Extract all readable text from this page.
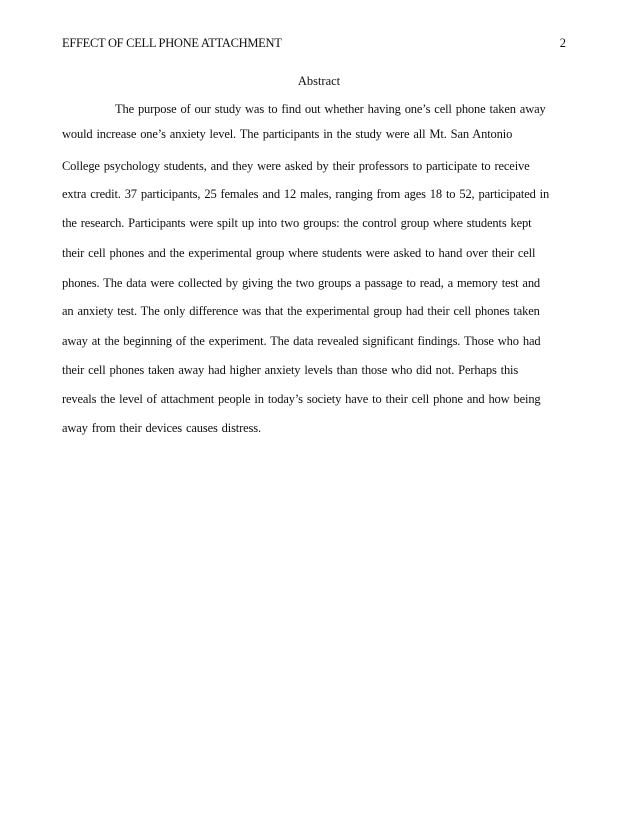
EFFECT OF CELL PHONE ATTACHMENT	2
Abstract
The purpose of our study was to find out whether having one’s cell phone taken away
would increase one’s anxiety level. The participants in the study were all Mt. San Antonio
College psychology students, and they were asked by their professors to participate to receive
extra credit. 37 participants, 25 females and 12 males, ranging from ages 18 to 52, participated in
the research. Participants were spilt up into two groups: the control group where students kept
their cell phones and the experimental group where students were asked to hand over their cell
phones. The data were collected by giving the two groups a passage to read, a memory test and
an anxiety test. The only difference was that the experimental group had their cell phones taken
away at the beginning of the experiment. The data revealed significant findings. Those who had
their cell phones taken away had higher anxiety levels than those who did not. Perhaps this
reveals the level of attachment people in today’s society have to their cell phone and how being
away from their devices causes distress.
